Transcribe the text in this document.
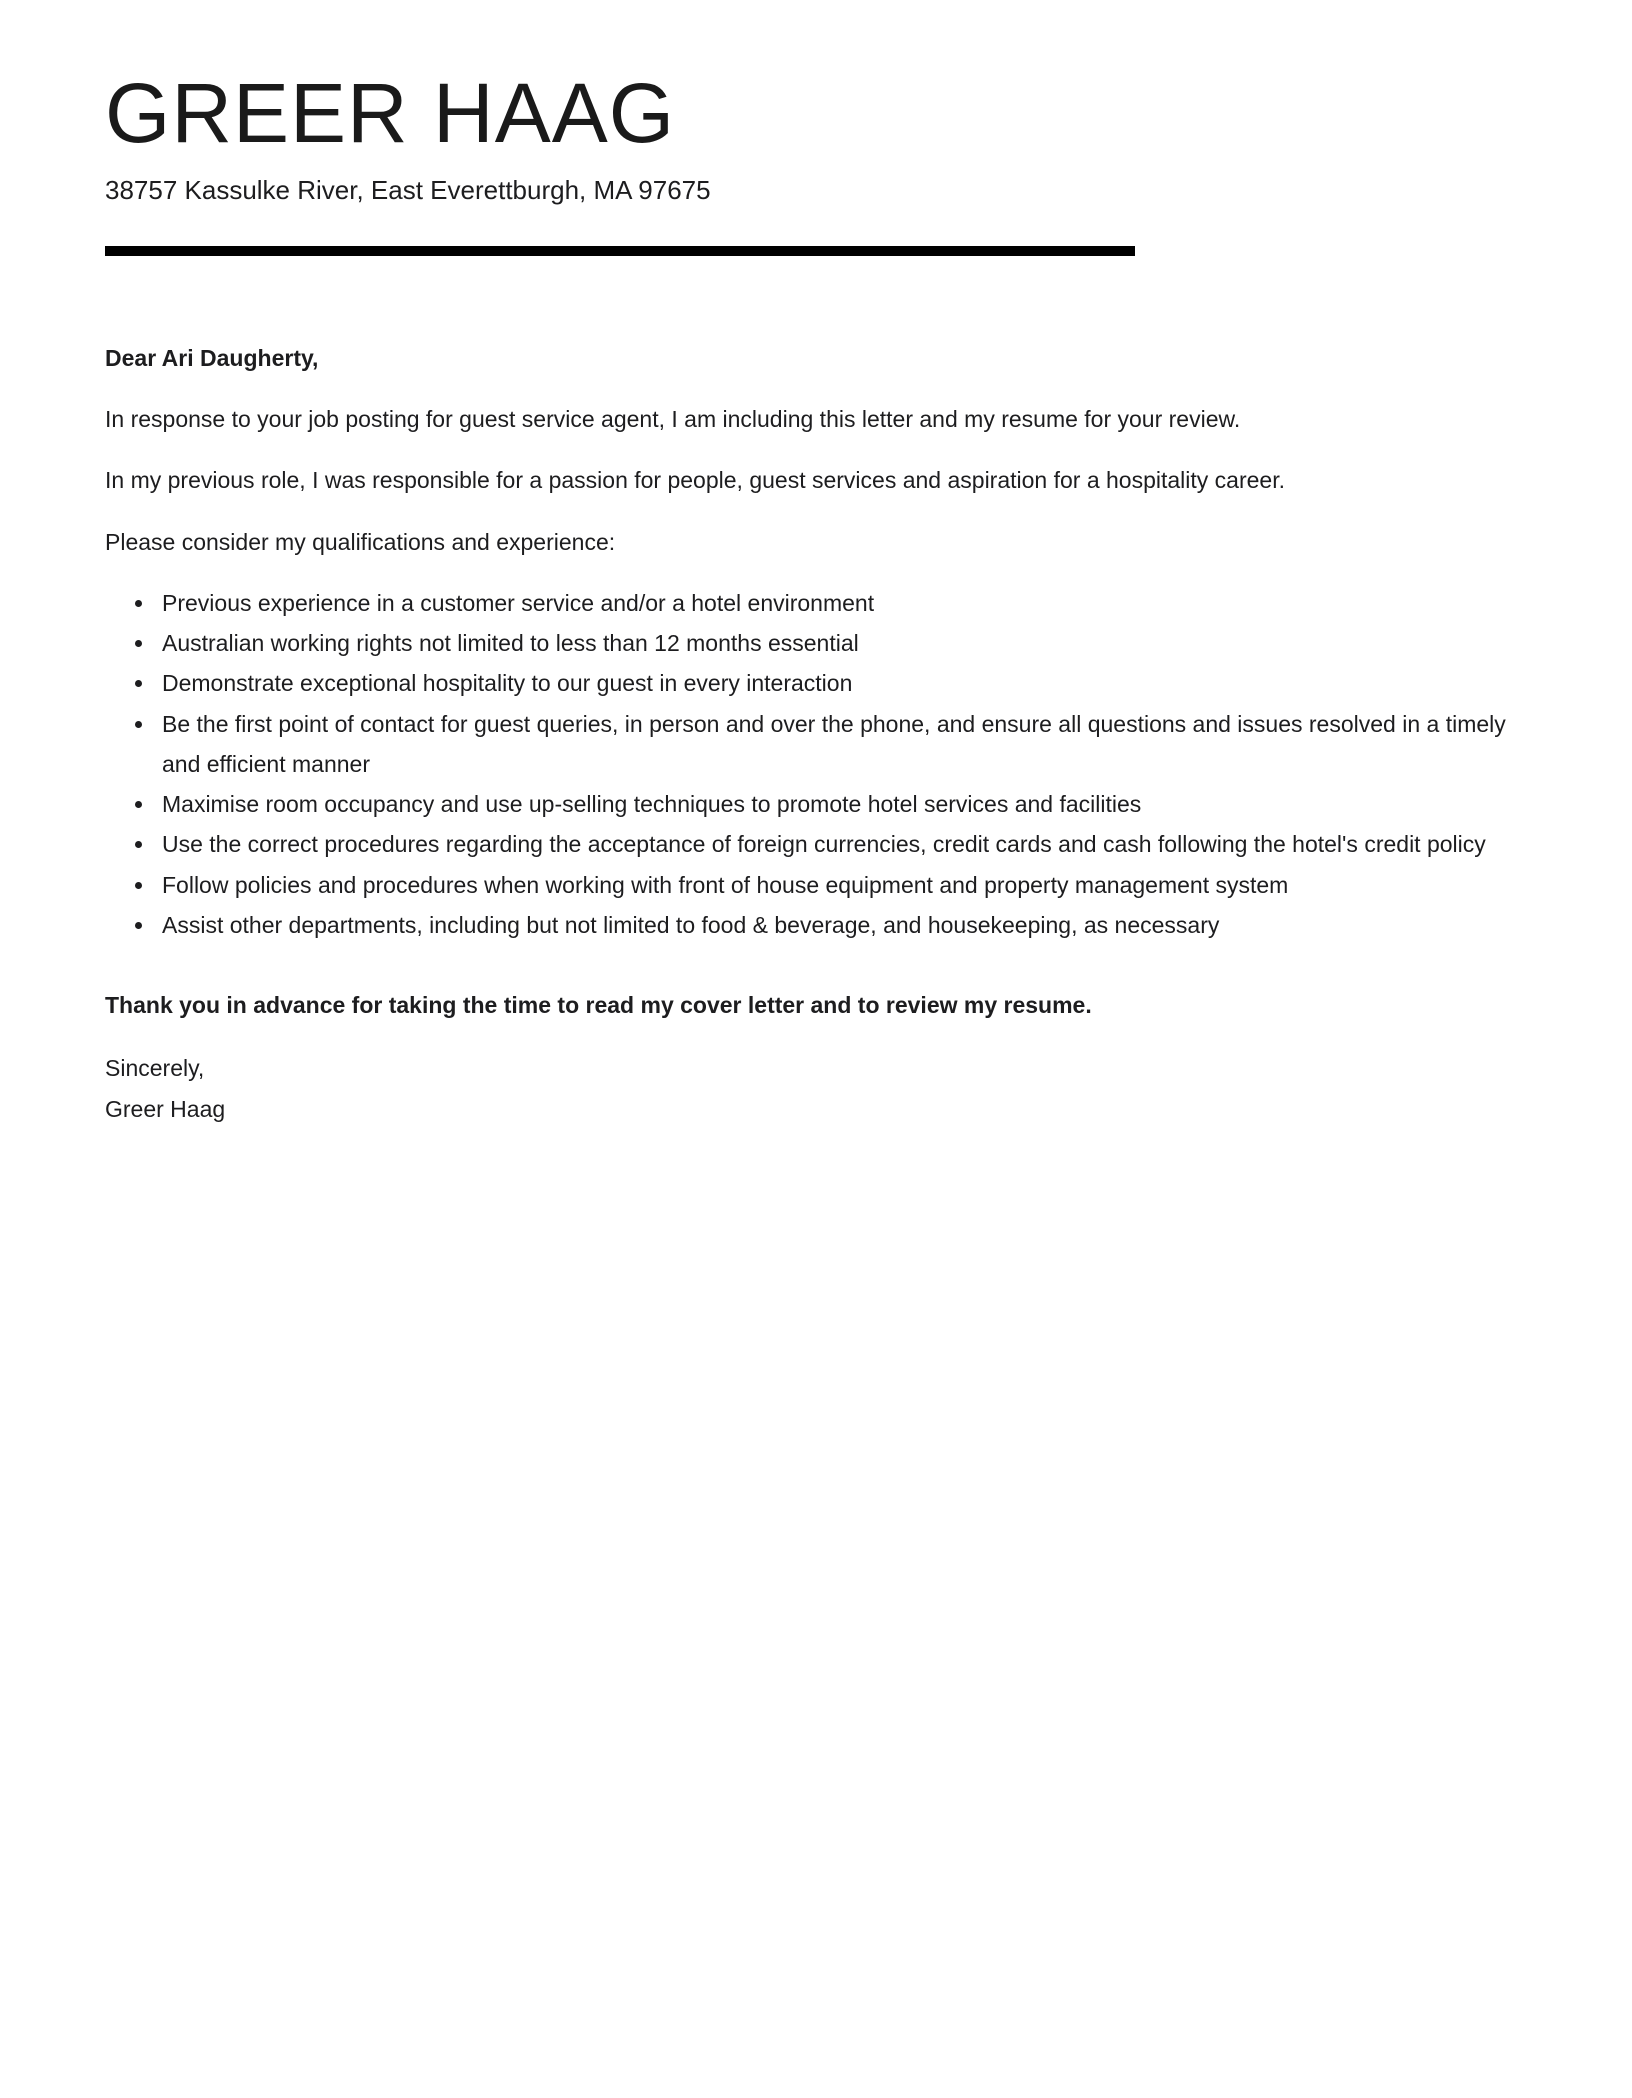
GREER HAAG
38757 Kassulke River, East Everettburgh, MA 97675

Dear Ari Daugherty,

In response to your job posting for guest service agent, I am including this letter and my resume for your review.

In my previous role, I was responsible for a passion for people, guest services and aspiration for a hospitality career.

Please consider my qualifications and experience:

• Previous experience in a customer service and/or a hotel environment
• Australian working rights not limited to less than 12 months essential
• Demonstrate exceptional hospitality to our guest in every interaction
• Be the first point of contact for guest queries, in person and over the phone, and ensure all questions and issues resolved in a timely and efficient manner
• Maximise room occupancy and use up-selling techniques to promote hotel services and facilities
• Use the correct procedures regarding the acceptance of foreign currencies, credit cards and cash following the hotel's credit policy
• Follow policies and procedures when working with front of house equipment and property management system
• Assist other departments, including but not limited to food & beverage, and housekeeping, as necessary

Thank you in advance for taking the time to read my cover letter and to review my resume.

Sincerely,
Greer Haag
